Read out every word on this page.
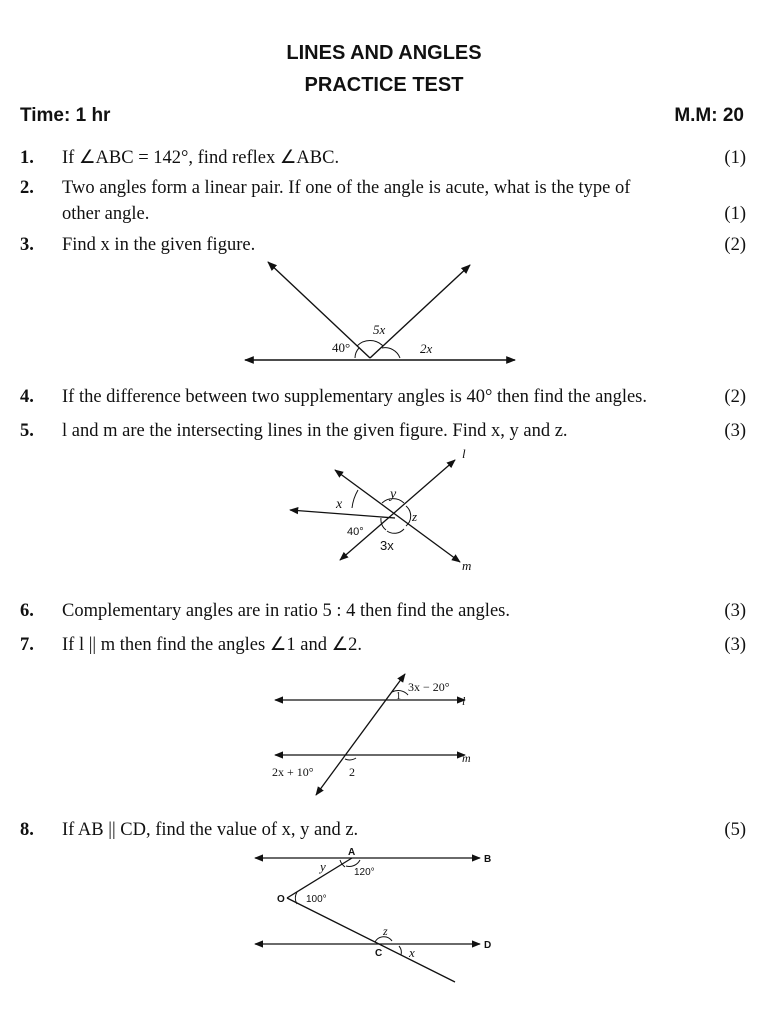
LINES AND ANGLES
PRACTICE TEST
Time: 1 hr	M.M: 20
1.	If ∠ABC = 142°, find reflex ∠ABC.	(1)
2.	Two angles form a linear pair. If one of the angle is acute, what is the type of
other angle.	(1)
3.	Find x in the given figure.	(2)
40°
5x
2x
4.	If the difference between two supplementary angles is 40° then find the angles.	(2)
5.	l and m are the intersecting lines in the given figure. Find x, y and z.	(3)
l
m
x
y
z
40°
3x
6.	Complementary angles are in ratio 5 : 4 then find the angles.	(3)
7.	If l || m then find the angles ∠1 and ∠2.	(3)
3x − 20°
1	l
m
2x + 10°	2
8.	If AB || CD, find the value of x, y and z.	(5)
A
B
O
C
D
y	120°
100°
z
x
